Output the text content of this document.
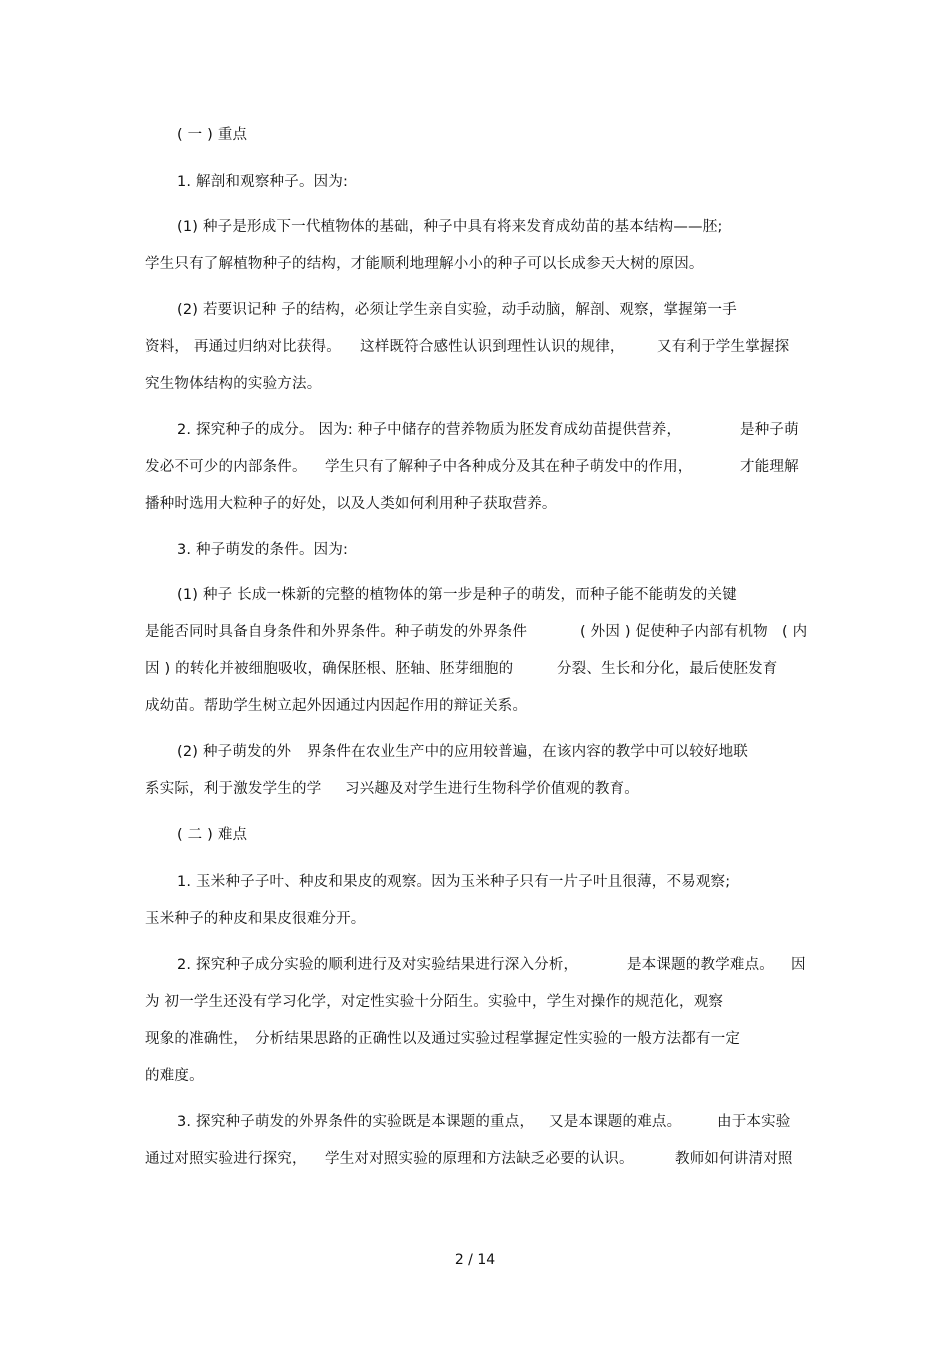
( 一 ) 重点
1. 解剖和观察种子。因为:
(1) 种子是形成下一代植物体的基础，种子中具有将来发育成幼苗的基本结构——胚;
学生只有了解植物种子的结构，才能顺利地理解小小的种子可以长成参天大树的原因。
(2) 若要识记种 子的结构，必须让学生亲自实验，动手动脑，解剖、观察，掌握第一手
资料， 再通过归纳对比获得。 这样既符合感性认识到理性认识的规律， 又有利于学生掌握探
究生物体结构的实验方法。
2. 探究种子的成分。 因为: 种子中储存的营养物质为胚发育成幼苗提供营养，	是种子萌
发必不可少的内部条件。 学生只有了解种子中各种成分及其在种子萌发中的作用，	才能理解
播种时选用大粒种子的好处，以及人类如何利用种子获取营养。
3. 种子萌发的条件。因为:
(1) 种子 长成一株新的完整的植物体的第一步是种子的萌发，而种子能不能萌发的关键
是能否同时具备自身条件和外界条件。种子萌发的外界条件	( 外因 ) 促使种子内部有机物 ( 内
因 ) 的转化并被细胞吸收，确保胚根、胚轴、胚芽细胞的	分裂、生长和分化，最后使胚发育
成幼苗。帮助学生树立起外因通过内因起作用的辩证关系。
(2) 种子萌发的外 界条件在农业生产中的应用较普遍，在该内容的教学中可以较好地联
系实际，利于激发学生的学 习兴趣及对学生进行生物科学价值观的教育。
( 二 ) 难点
1. 玉米种子子叶、种皮和果皮的观察。因为玉米种子只有一片子叶且很薄，不易观察;
玉米种子的种皮和果皮很难分开。
2. 探究种子成分实验的顺利进行及对实验结果进行深入分析，	是本课题的教学难点。 因
为 初一学生还没有学习化学，对定性实验十分陌生。实验中，学生对操作的规范化，观察
现象的准确性， 分析结果思路的正确性以及通过实验过程掌握定性实验的一般方法都有一定
的难度。
3. 探究种子萌发的外界条件的实验既是本课题的重点， 又是本课题的难点。 由于本实验
通过对照实验进行探究， 学生对对照实验的原理和方法缺乏必要的认识。	教师如何讲清对照
2 / 14
